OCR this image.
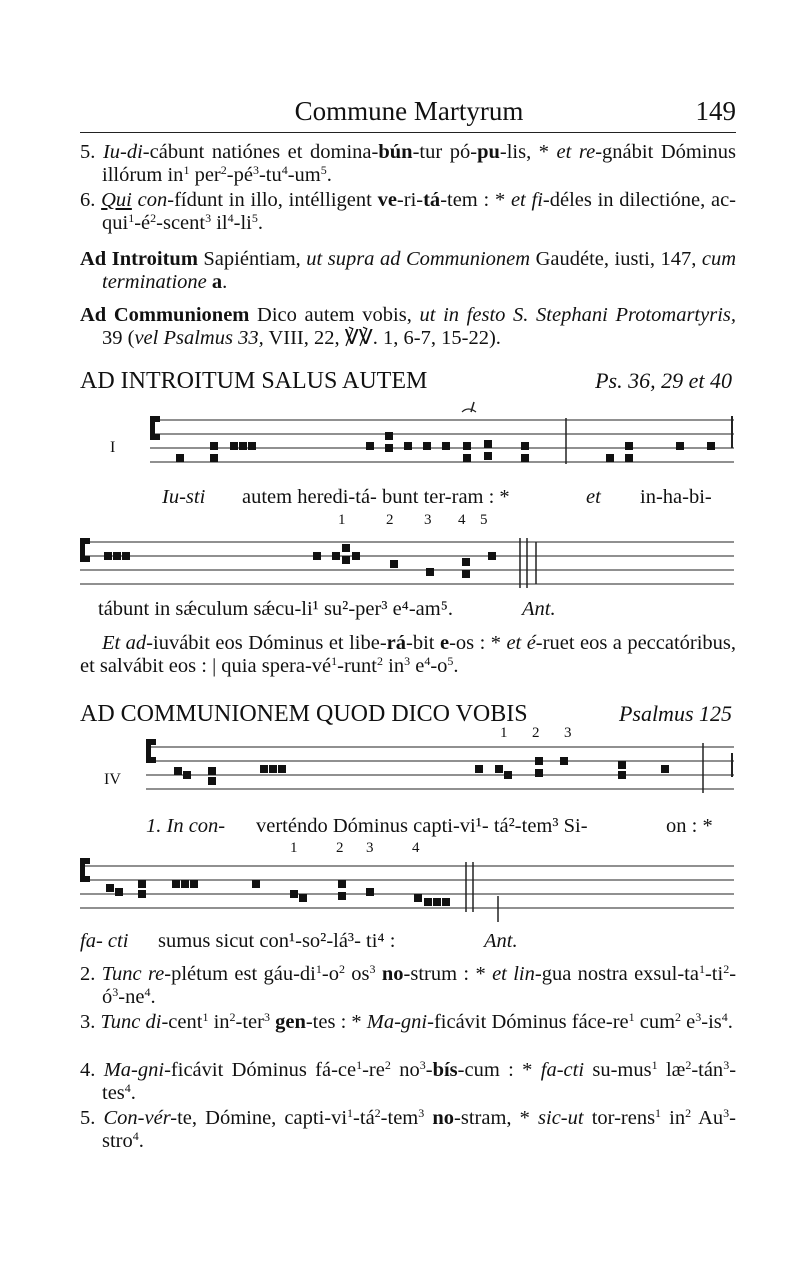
Commune Martyrum	149

5. Iu-di-cábunt natiónes et domina-bún-tur pó-pu-lis, * et re-gnábit Dóminus illórum $in^1$ $per^2-pé^3-tu^4-um^5$.

6. Qui con-fídunt in illo, intélligent ve-ri-tá-tem : * et fi-déles in dilectióne, $ac-qui^1-é^2-scent^3$ $il^4-li^5$.

Ad Introitum Sapiéntiam, ut supra ad Communionem Gaudéte, iusti, 147, cum terminatione a.

Ad Communionem Dico autem vobis, ut in festo S. Stephani Protomartyris, 39 (vel Psalmus 33, VIII, 22, ℣℣. 1, 6-7, 15-22).

AD INTROITUM SALUS AUTEM	Ps. 36, 29 et 40
I
Iu-sti autem heredi-tá- bunt ter-ram : *	et in-ha-bi-
1	2 3 4 5
tábunt in sǽculum sǽcu-li¹ su²-per³ e⁴-am⁵.	Ant.

Et ad-iuvábit eos Dóminus et libe-rá-bit e-os : * et é-ruet eos a peccatóribus, et salvábit eos : | quia spera-$vé^1-runt^2$ $in^3$ $e^4-o^5$.

AD COMMUNIONEM QUOD DICO VOBIS	Psalmus 125
1 2 3
IV
1. In con- verténdo Dóminus capti-vi¹- tá²-tem³ Si-	on : *
1	2 3	4
fa- cti sumus sicut con¹-so²-lá³- ti⁴ :	Ant.

2. Tunc re-plétum est gáu-$di^1-o^2$ $os^3$ no-strum : * et lin-gua nostra exsul-$ta^1-ti^2-ó^3-ne^4$.

3. Tunc di-cent$^1$ $in^2-ter^3$ gen-tes : * Ma-gni-ficávit Dóminus fáce-$re^1$ cum$^2$ $e^3-is^4$.

4. Ma-gni-ficávit Dóminus $fá-ce^1-re^2$ $no^3-bís$-cum : * fa-cti su-mus$^1$ $læ^2-tán^3-tes^4$.

5. Con-vér-te, Dómine, capti-$vi^1-tá^2-tem^3$ no-stram, * sic-ut tor-rens$^1$ $in^2$ Au$^3$-stro$^4$.
